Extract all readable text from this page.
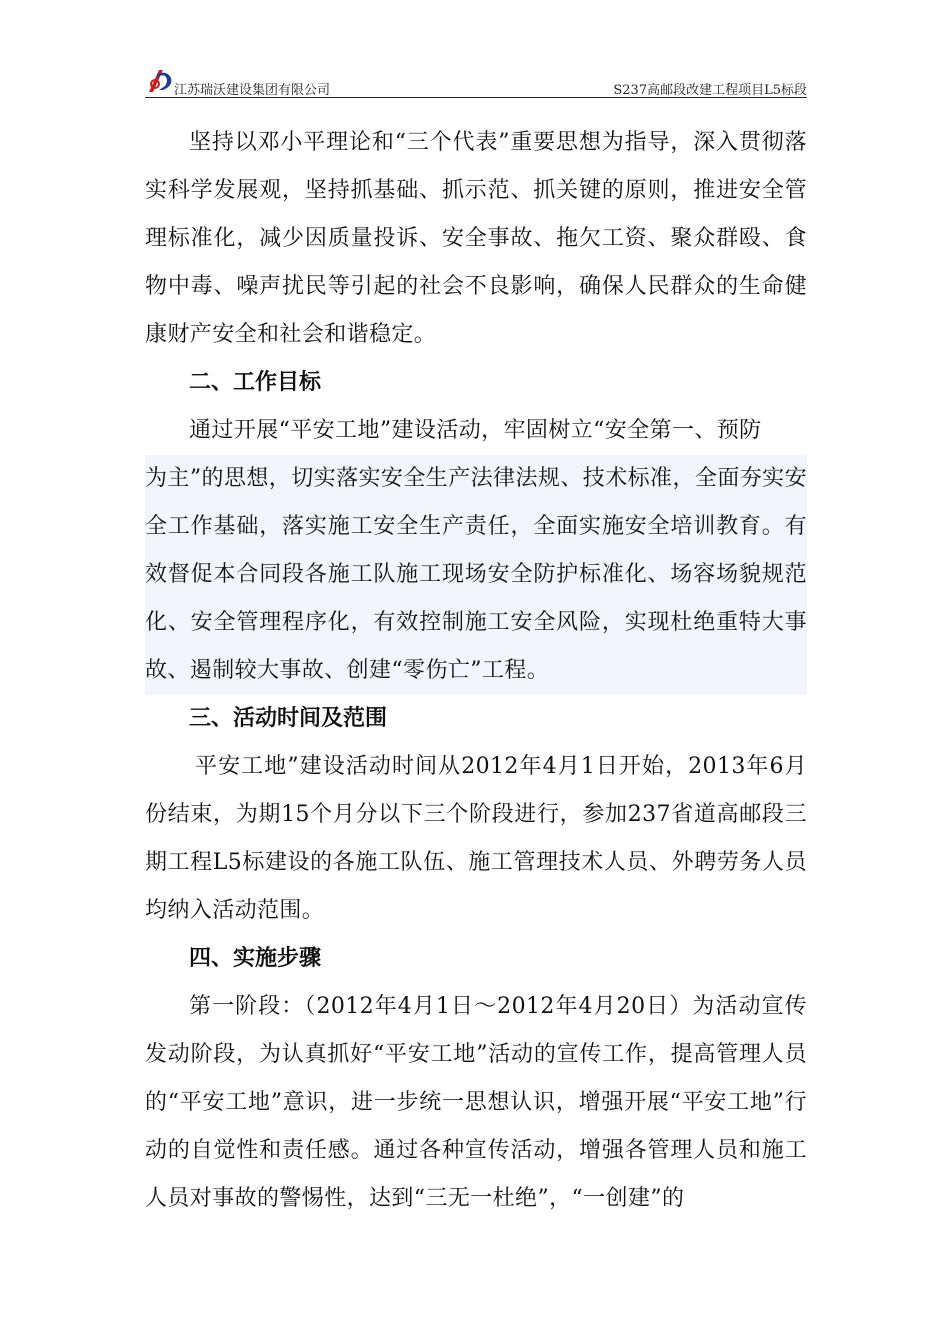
江苏瑞沃建设集团有限公司	S237高邮段改建工程项目L5标段

坚持以邓小平理论和“三个代表”重要思想为指导，深入贯彻落实科学发展观，坚持抓基础、抓示范、抓关键的原则，推进安全管理标准化，减少因质量投诉、安全事故、拖欠工资、聚众群殴、食物中毒、噪声扰民等引起的社会不良影响，确保人民群众的生命健康财产安全和社会和谐稳定。

二、工作目标

通过开展“平安工地”建设活动，牢固树立“安全第一、预防

为主”的思想，切实落实安全生产法律法规、技术标准，全面夯实安全工作基础，落实施工安全生产责任，全面实施安全培训教育。有效督促本合同段各施工队施工现场安全防护标准化、场容场貌规范化、安全管理程序化，有效控制施工安全风险，实现杜绝重特大事故、遏制较大事故、创建“零伤亡”工程。

三、活动时间及范围

平安工地”建设活动时间从2012年4月1日开始，2013年6月份结束，为期15个月分以下三个阶段进行，参加237省道高邮段三期工程L5标建设的各施工队伍、施工管理技术人员、外聘劳务人员均纳入活动范围。

四、实施步骤

第一阶段：（2012年4月1日～2012年4月20日）为活动宣传发动阶段，为认真抓好“平安工地”活动的宣传工作，提高管理人员的“平安工地”意识，进一步统一思想认识，增强开展“平安工地”行动的自觉性和责任感。通过各种宣传活动，增强各管理人员和施工人员对事故的警惕性，达到“三无一杜绝”，“一创建”的
